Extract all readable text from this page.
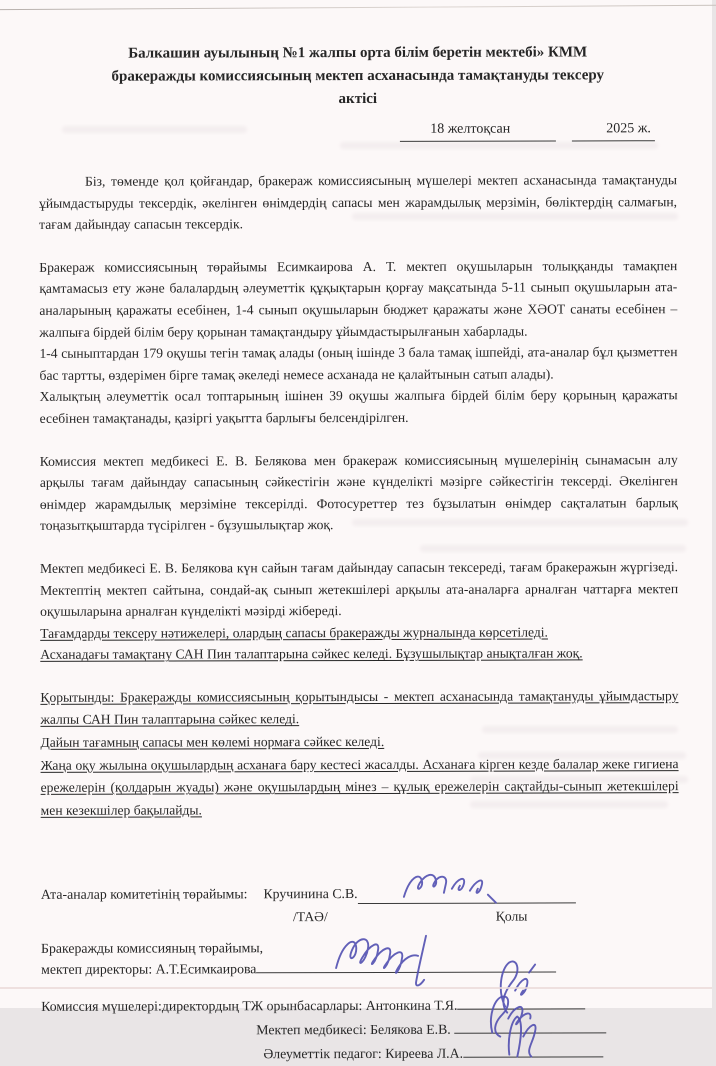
Балкашин ауылының №1 жалпы орта білім беретін мектебі» КММ
бракеражды комиссиясының мектеп асханасында тамақтануды тексеру
актісі
18 желтоқсан	2025 ж.

Біз, төменде қол қойғандар, бракераж комиссиясының мүшелері мектеп асханасында тамақтануды ұйымдастыруды тексердік, әкелінген өнімдердің сапасы мен жарамдылық мерзімін, бөліктердің салмағын, тағам дайындау сапасын тексердік.

Бракераж комиссиясының төрайымы Есимкаирова А. Т. мектеп оқушыларын толыққанды тамақпен қамтамасыз ету және балалардың әлеуметтік құқықтарын қорғау мақсатында 5-11 сынып оқушыларын ата-аналарының қаражаты есебінен, 1-4 сынып оқушыларын бюджет қаражаты және ХӘОТ санаты есебінен – жалпыға бірдей білім беру қорынан тамақтандыру ұйымдастырылғанын хабарлады.

1-4 сыныптардан 179 оқушы тегін тамақ алады (оның ішінде 3 бала тамақ ішпейді, ата-аналар бұл қызметтен бас тартты, өздерімен бірге тамақ әкеледі немесе асханада не қалайтынын сатып алады).

Халықтың әлеуметтік осал топтарының ішінен 39 оқушы жалпыға бірдей білім беру қорының қаражаты есебінен тамақтанады, қазіргі уақытта барлығы белсендірілген.

Комиссия мектеп медбикесі Е. В. Белякова мен бракераж комиссиясының мүшелерінің сынамасын алу арқылы тағам дайындау сапасының сәйкестігін және күнделікті мәзірге сәйкестігін тексерді. Әкелінген өнімдер жарамдылық мерзіміне тексерілді. Фотосуреттер тез бұзылатын өнімдер сақталатын барлық тоңазытқыштарда түсірілген - бұзушылықтар жоқ.

Мектеп медбикесі Е. В. Белякова күн сайын тағам дайындау сапасын тексереді, тағам бракеражын жүргізеді. Мектептің мектеп сайтына, сондай-ақ сынып жетекшілері арқылы ата-аналарға арналған чаттарға мектеп оқушыларына арналған күнделікті мәзірді жібереді.

Тағамдарды тексеру нәтижелері, олардың сапасы бракеражды журналында көрсетіледі.

Асханадағы тамақтану САН Пин талаптарына сәйкес келеді. Бұзушылықтар анықталған жоқ.

Қорытынды: Бракеражды комиссиясының қорытындысы - мектеп асханасында тамақтануды ұйымдастыру жалпы САН Пин талаптарына сәйкес келеді.

Дайын тағамның сапасы мен көлемі нормаға сәйкес келеді.

Жаңа оқу жылына оқушылардың асханаға бару кестесі жасалды. Асханаға кірген кезде балалар жеке гигиена ережелерін (қолдарын жуады) және оқушылардың мінез – құлық ережелерін сақтайды-сынып жетекшілері мен кезекшілер бақылайды.

Ата-аналар комитетінің төрайымы: Кручинина С.В.
/ТАӘ/	Қолы
Бракеражды комиссияның төрайымы,
мектеп директоры: А.Т.Есимкаирова
Комиссия мүшелері:директордың ТЖ орынбасарлары: Антонкина Т.Я.
Мектеп медбикесі: Белякова Е.В.
Әлеуметтік педагог: Киреева Л.А.
